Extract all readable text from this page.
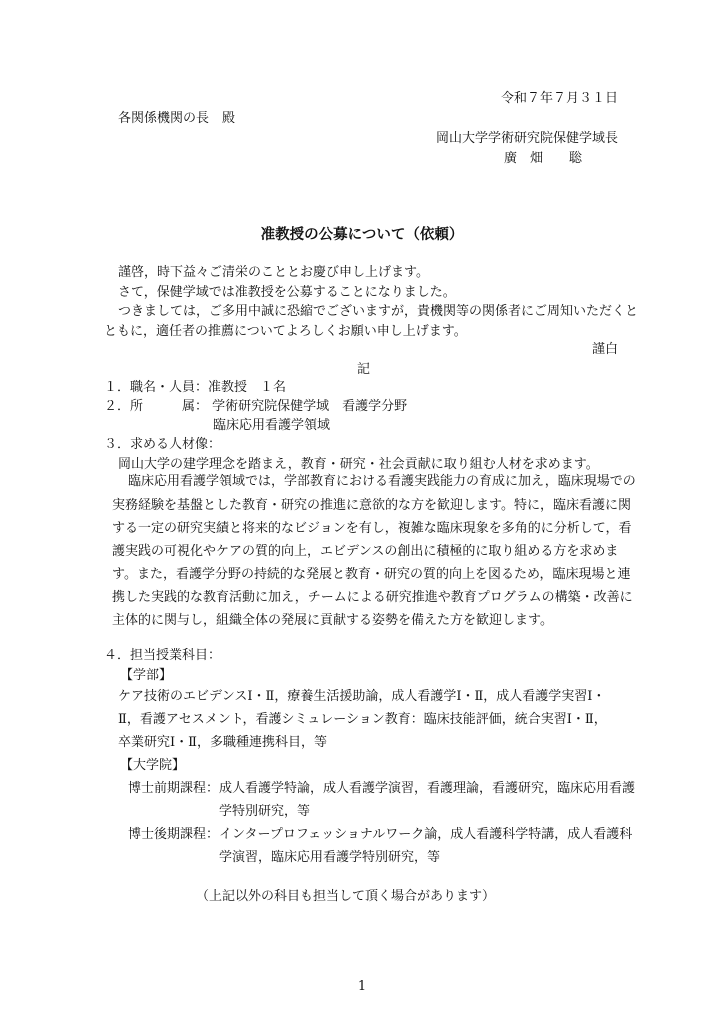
令和７年７月３１日
各関係機関の長　殿
岡山大学学術研究院保健学域長
廣　畑　　聡
准教授の公募について（依頼）
謹啓，時下益々ご清栄のこととお慶び申し上げます。
さて，保健学域では准教授を公募することになりました。
つきましては，ご多用中誠に恐縮でございますが，貴機関等の関係者にご周知いただくと
ともに，適任者の推薦についてよろしくお願い申し上げます。
謹白
記
１．職名・人員：准教授　１名
２．所　　　属： 学術研究院保健学域　看護学分野
臨床応用看護学領域
３．求める人材像：
岡山大学の建学理念を踏まえ，教育・研究・社会貢献に取り組む人材を求めます。
臨床応用看護学領域では，学部教育における看護実践能力の育成に加え，臨床現場での
実務経験を基盤とした教育・研究の推進に意欲的な方を歓迎します。特に，臨床看護に関
する一定の研究実績と将来的なビジョンを有し，複雑な臨床現象を多角的に分析して，看
護実践の可視化やケアの質的向上，エビデンスの創出に積極的に取り組める方を求めま
す。また，看護学分野の持続的な発展と教育・研究の質的向上を図るため，臨床現場と連
携した実践的な教育活動に加え，チームによる研究推進や教育プログラムの構築・改善に
主体的に関与し，組織全体の発展に貢献する姿勢を備えた方を歓迎します。
４．担当授業科目：
【学部】
ケア技術のエビデンスⅠ・Ⅱ，療養生活援助論，成人看護学Ⅰ・Ⅱ，成人看護学実習Ⅰ・
Ⅱ，看護アセスメント，看護シミュレーション教育：臨床技能評価，統合実習Ⅰ・Ⅱ，
卒業研究Ⅰ・Ⅱ，多職種連携科目，等
【大学院】
博士前期課程：成人看護学特論，成人看護学演習，看護理論，看護研究，臨床応用看護
学特別研究，等
博士後期課程：インタープロフェッショナルワーク論，成人看護科学特講，成人看護科
学演習，臨床応用看護学特別研究，等
（上記以外の科目も担当して頂く場合があります）
1
